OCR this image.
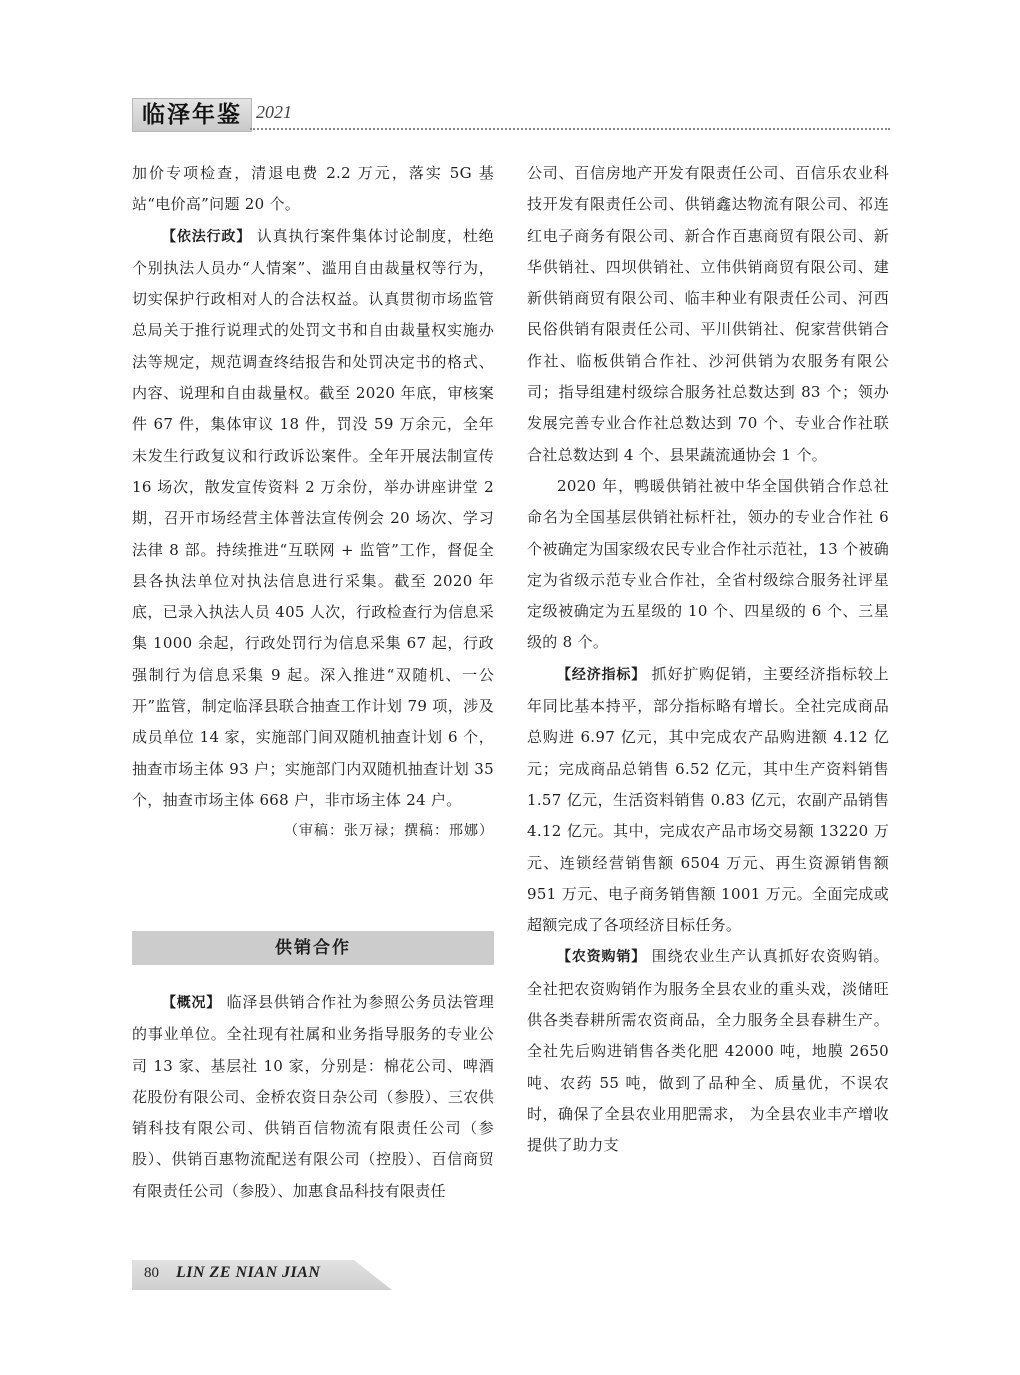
临泽年鉴 2021

加价专项检查，清退电费 2.2 万元，落实 5G 基站“电价高”问题 20 个。

【依法行政】 认真执行案件集体讨论制度，杜绝个别执法人员办“人情案”、滥用自由裁量权等行为，切实保护行政相对人的合法权益。认真贯彻市场监管总局关于推行说理式的处罚文书和自由裁量权实施办法等规定，规范调查终结报告和处罚决定书的格式、内容、说理和自由裁量权。截至 2020 年底，审核案件 67 件，集体审议 18 件，罚没 59 万余元，全年未发生行政复议和行政诉讼案件。全年开展法制宣传 16 场次，散发宣传资料 2 万余份，举办讲座讲堂 2 期，召开市场经营主体普法宣传例会 20 场次、学习法律 8 部。持续推进“互联网 + 监管”工作，督促全县各执法单位对执法信息进行采集。截至 2020 年底，已录入执法人员 405 人次，行政检查行为信息采集 1000 余起，行政处罚行为信息采集 67 起，行政强制行为信息采集 9 起。深入推进“双随机、一公开”监管，制定临泽县联合抽查工作计划 79 项，涉及成员单位 14 家，实施部门间双随机抽查计划 6 个，抽查市场主体 93 户；实施部门内双随机抽查计划 35 个，抽查市场主体 668 户，非市场主体 24 户。

（审稿：张万禄；撰稿：邢娜）

供销合作

【概况】 临泽县供销合作社为参照公务员法管理的事业单位。全社现有社属和业务指导服务的专业公司 13 家、基层社 10 家，分别是：棉花公司、啤酒花股份有限公司、金桥农资日杂公司（参股）、三农供销科技有限公司、供销百信物流有限责任公司（参股）、供销百惠物流配送有限公司（控股）、百信商贸有限责任公司（参股）、加惠食品科技有限责任

公司、百信房地产开发有限责任公司、百信乐农业科技开发有限责任公司、供销鑫达物流有限公司、祁连红电子商务有限公司、新合作百惠商贸有限公司、新华供销社、四坝供销社、立伟供销商贸有限公司、建新供销商贸有限公司、临丰种业有限责任公司、河西民俗供销有限责任公司、平川供销社、倪家营供销合作社、临板供销合作社、沙河供销为农服务有限公司；指导组建村级综合服务社总数达到 83 个；领办发展完善专业合作社总数达到 70 个、专业合作社联合社总数达到 4 个、县果蔬流通协会 1 个。

2020 年，鸭暖供销社被中华全国供销合作总社命名为全国基层供销社标杆社，领办的专业合作社 6 个被确定为国家级农民专业合作社示范社，13 个被确定为省级示范专业合作社，全省村级综合服务社评星定级被确定为五星级的 10 个、四星级的 6 个、三星级的 8 个。

【经济指标】 抓好扩购促销，主要经济指标较上年同比基本持平，部分指标略有增长。全社完成商品总购进 6.97 亿元，其中完成农产品购进额 4.12 亿元；完成商品总销售 6.52 亿元，其中生产资料销售 1.57 亿元，生活资料销售 0.83 亿元，农副产品销售 4.12 亿元。其中，完成农产品市场交易额 13220 万元、连锁经营销售额 6504 万元、再生资源销售额 951 万元、电子商务销售额 1001 万元。全面完成或超额完成了各项经济目标任务。

【农资购销】 围绕农业生产认真抓好农资购销。全社把农资购销作为服务全县农业的重头戏，淡储旺供各类春耕所需农资商品，全力服务全县春耕生产。全社先后购进销售各类化肥 42000 吨，地膜 2650 吨、农药 55 吨，做到了品种全、质量优，不误农时，确保了全县农业用肥需求， 为全县农业丰产增收提供了助力支

80 LIN ZE NIAN JIAN
